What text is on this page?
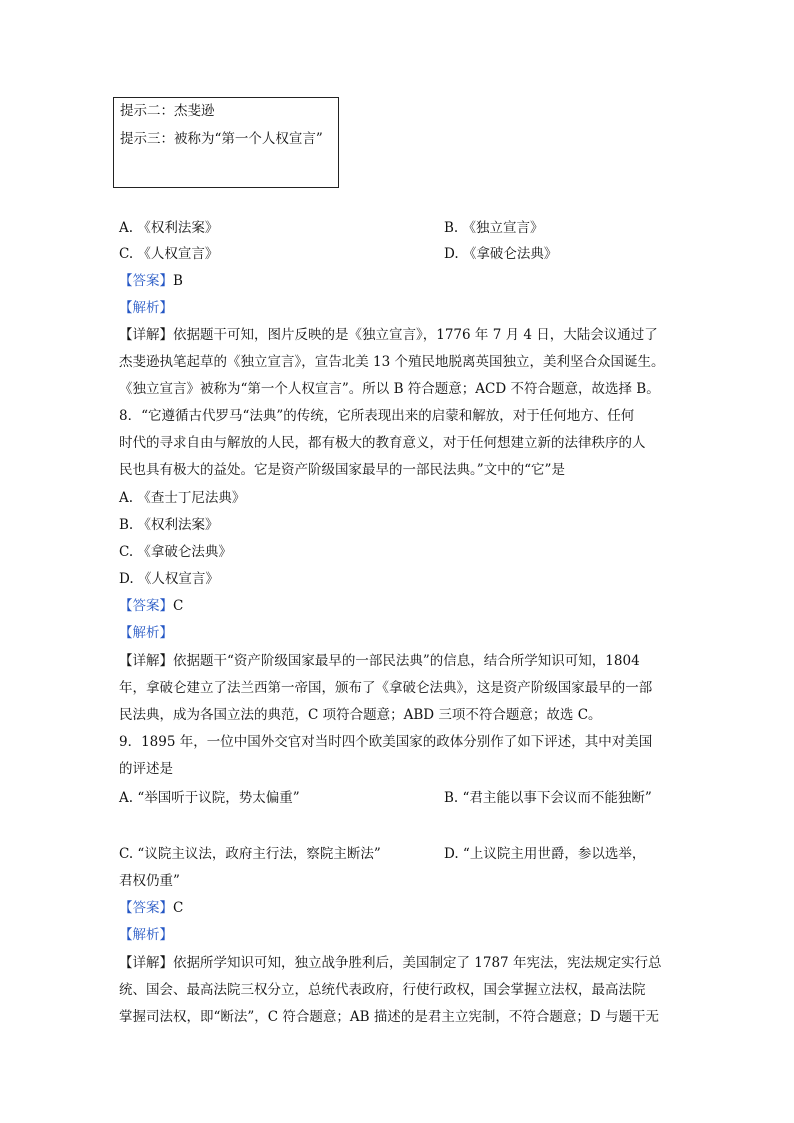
提示二：杰斐逊
提示三：被称为“第一个人权宣言”
A. 《权利法案》	B. 《独立宣言》
C. 《人权宣言》	D. 《拿破仑法典》
【答案】B
【解析】
【详解】依据题干可知，图片反映的是《独立宣言》，1776 年 7 月 4 日，大陆会议通过了
杰斐逊执笔起草的《独立宣言》，宣告北美 13 个殖民地脱离英国独立，美利坚合众国诞生。
《独立宣言》被称为“第一个人权宣言”。所以 B 符合题意；ACD 不符合题意，故选择 B。
8．“它遵循古代罗马“法典”的传统，它所表现出来的启蒙和解放，对于任何地方、任何
时代的寻求自由与解放的人民，都有极大的教育意义，对于任何想建立新的法律秩序的人
民也具有极大的益处。它是资产阶级国家最早的一部民法典。”文中的“它”是
A. 《查士丁尼法典》
B. 《权利法案》
C. 《拿破仑法典》
D. 《人权宣言》
【答案】C
【解析】
【详解】依据题干“资产阶级国家最早的一部民法典”的信息，结合所学知识可知，1804
年，拿破仑建立了法兰西第一帝国，颁布了《拿破仑法典》，这是资产阶级国家最早的一部
民法典，成为各国立法的典范，C 项符合题意；ABD 三项不符合题意；故选 C。
9．1895 年，一位中国外交官对当时四个欧美国家的政体分别作了如下评述，其中对美国
的评述是
A. “举国听于议院，势太偏重”	B. “君主能以事下会议而不能独断”
C. “议院主议法，政府主行法，察院主断法”	D. “上议院主用世爵，参以选举，
君权仍重”
【答案】C
【解析】
【详解】依据所学知识可知，独立战争胜利后，美国制定了 1787 年宪法，宪法规定实行总
统、国会、最高法院三权分立，总统代表政府，行使行政权，国会掌握立法权，最高法院
掌握司法权，即“断法”，C 符合题意；AB 描述的是君主立宪制，不符合题意；D 与题干无
